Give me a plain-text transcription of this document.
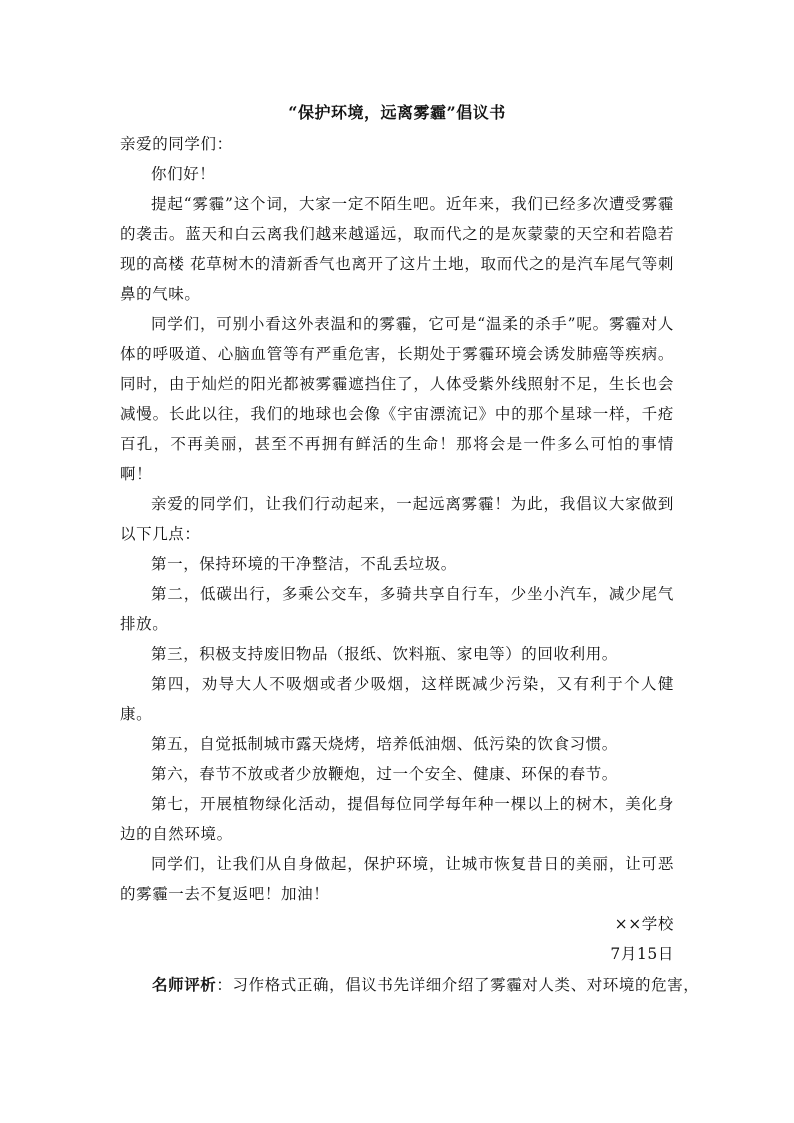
“保护环境，远离雾霾”倡议书

亲爱的同学们：

你们好！

提起“雾霾”这个词，大家一定不陌生吧。近年来，我们已经多次遭受雾霾的袭击。蓝天和白云离我们越来越遥远，取而代之的是灰蒙蒙的天空和若隐若现的高楼 花草树木的清新香气也离开了这片土地，取而代之的是汽车尾气等刺鼻的气味。

同学们，可别小看这外表温和的雾霾，它可是“温柔的杀手”呢。雾霾对人体的呼吸道、心脑血管等有严重危害，长期处于雾霾环境会诱发肺癌等疾病。同时，由于灿烂的阳光都被雾霾遮挡住了，人体受紫外线照射不足，生长也会减慢。长此以往，我们的地球也会像《宇宙漂流记》中的那个星球一样，千疮百孔，不再美丽，甚至不再拥有鲜活的生命！那将会是一件多么可怕的事情啊！

亲爱的同学们，让我们行动起来，一起远离雾霾！为此，我倡议大家做到以下几点：

第一，保持环境的干净整洁，不乱丢垃圾。

第二，低碳出行，多乘公交车，多骑共享自行车，少坐小汽车，减少尾气排放。

第三，积极支持废旧物品（报纸、饮料瓶、家电等）的回收利用。

第四，劝导大人不吸烟或者少吸烟，这样既减少污染，又有利于个人健康。

第五，自觉抵制城市露天烧烤，培养低油烟、低污染的饮食习惯。

第六，春节不放或者少放鞭炮，过一个安全、健康、环保的春节。

第七，开展植物绿化活动，提倡每位同学每年种一棵以上的树木，美化身边的自然环境。

同学们，让我们从自身做起，保护环境，让城市恢复昔日的美丽，让可恶的雾霾一去不复返吧！加油！

××学校

7月15日

名师评析：习作格式正确，倡议书先详细介绍了雾霾对人类、对环境的危害，
